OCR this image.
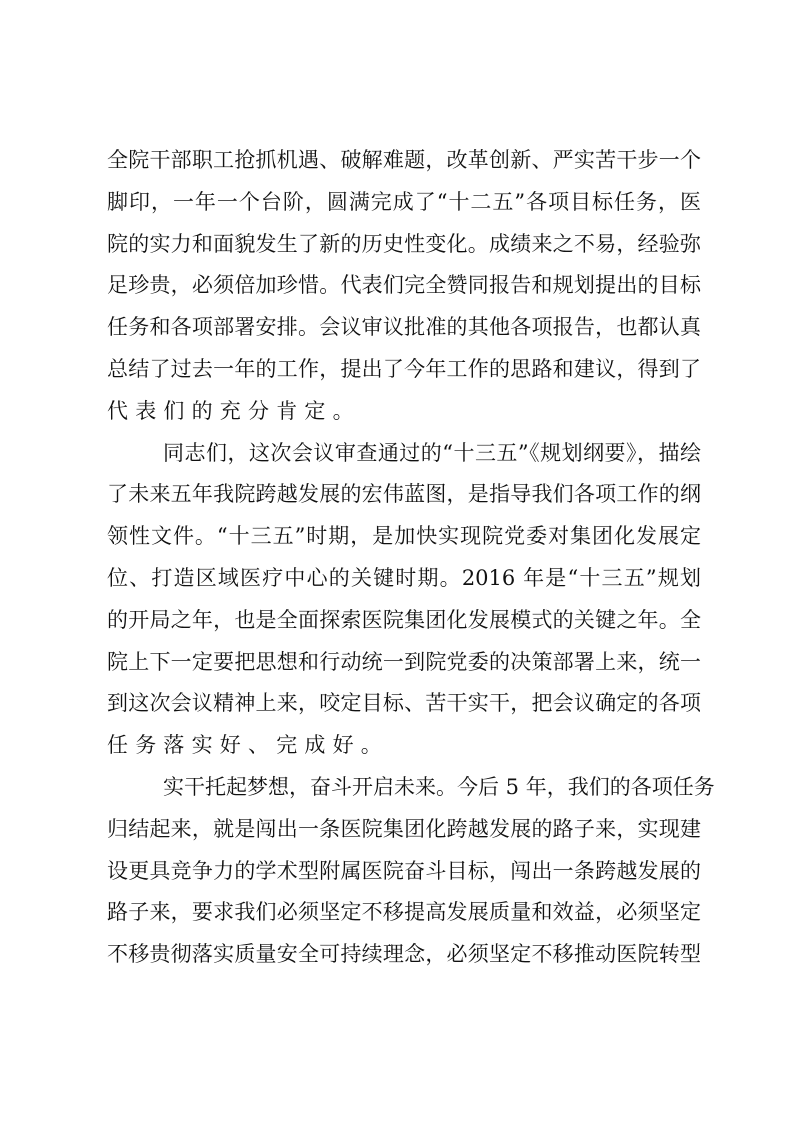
全院干部职工抢抓机遇、破解难题，改革创新、严实苦干步一个
脚印，一年一个台阶，圆满完成了“十二五”各项目标任务，医
院的实力和面貌发生了新的历史性变化。成绩来之不易，经验弥
足珍贵，必须倍加珍惜。代表们完全赞同报告和规划提出的目标
任务和各项部署安排。会议审议批准的其他各项报告，也都认真
总结了过去一年的工作，提出了今年工作的思路和建议，得到了
代表们的充分肯定。
同志们，这次会议审查通过的“十三五”《规划纲要》，描绘
了未来五年我院跨越发展的宏伟蓝图，是指导我们各项工作的纲
领性文件。“十三五”时期，是加快实现院党委对集团化发展定
位、打造区域医疗中心的关键时期。2016 年是“十三五”规划
的开局之年，也是全面探索医院集团化发展模式的关键之年。全
院上下一定要把思想和行动统一到院党委的决策部署上来，统一
到这次会议精神上来，咬定目标、苦干实干，把会议确定的各项
任务落实好、完成好。
实干托起梦想，奋斗开启未来。今后 5 年，我们的各项任务
归结起来，就是闯出一条医院集团化跨越发展的路子来，实现建
设更具竞争力的学术型附属医院奋斗目标，闯出一条跨越发展的
路子来，要求我们必须坚定不移提高发展质量和效益，必须坚定
不移贵彻落实质量安全可持续理念，必须坚定不移推动医院转型
